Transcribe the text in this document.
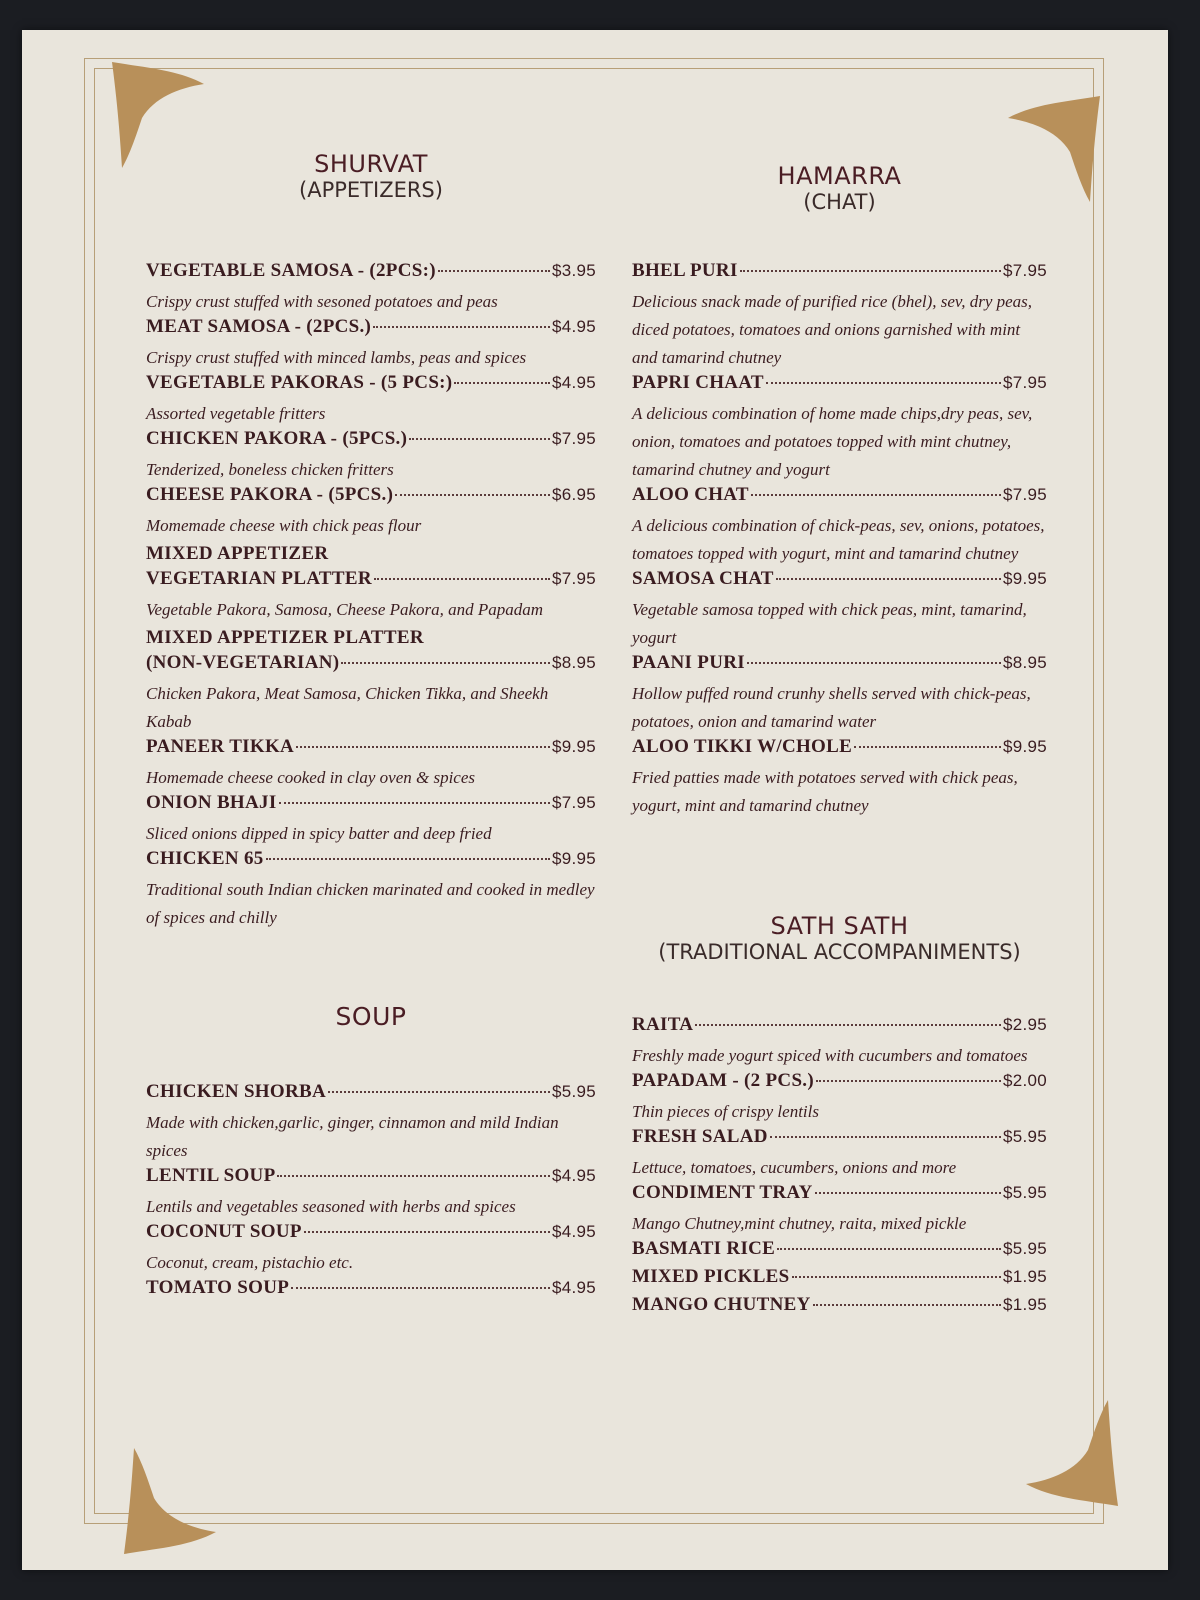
SHURVAT
(APPETIZERS)
VEGETABLE SAMOSA - (2PCS:)	$3.95
Crispy crust stuffed with sesoned potatoes and peas
MEAT SAMOSA - (2PCS.)	$4.95
Crispy crust stuffed with minced lambs, peas and spices
VEGETABLE PAKORAS - (5 PCS:)	$4.95
Assorted vegetable fritters
CHICKEN PAKORA - (5PCS.)	$7.95
Tenderized, boneless chicken fritters
CHEESE PAKORA - (5PCS.)	$6.95
Momemade cheese with chick peas flour
MIXED APPETIZER
VEGETARIAN PLATTER	$7.95
Vegetable Pakora, Samosa, Cheese Pakora, and Papadam
MIXED APPETIZER PLATTER
(NON-VEGETARIAN)	$8.95
Chicken Pakora, Meat Samosa, Chicken Tikka, and Sheekh Kabab
PANEER TIKKA	$9.95
Homemade cheese cooked in clay oven & spices
ONION BHAJI	$7.95
Sliced onions dipped in spicy batter and deep fried
CHICKEN 65	$9.95
Traditional south Indian chicken marinated and cooked in medley of spices and chilly
SOUP
CHICKEN SHORBA	$5.95
Made with chicken,garlic, ginger, cinnamon and mild Indian spices
LENTIL SOUP	$4.95
Lentils and vegetables seasoned with herbs and spices
COCONUT SOUP	$4.95
Coconut, cream, pistachio etc.
TOMATO SOUP	$4.95
HAMARRA
(CHAT)
BHEL PURI	$7.95
Delicious snack made of purified rice (bhel), sev, dry peas, diced potatoes, tomatoes and onions garnished with mint and tamarind chutney
PAPRI CHAAT	$7.95
A delicious combination of home made chips,dry peas, sev, onion, tomatoes and potatoes topped with mint chutney, tamarind chutney and yogurt
ALOO CHAT	$7.95
A delicious combination of chick-peas, sev, onions, potatoes, tomatoes topped with yogurt, mint and tamarind chutney
SAMOSA CHAT	$9.95
Vegetable samosa topped with chick peas, mint, tamarind, yogurt
PAANI PURI	$8.95
Hollow puffed round crunhy shells served with chick-peas, potatoes, onion and tamarind water
ALOO TIKKI W/CHOLE	$9.95
Fried patties made with potatoes served with chick peas, yogurt, mint and tamarind chutney
SATH SATH
(TRADITIONAL ACCOMPANIMENTS)
RAITA	$2.95
Freshly made yogurt spiced with cucumbers and tomatoes
PAPADAM - (2 PCS.)	$2.00
Thin pieces of crispy lentils
FRESH SALAD	$5.95
Lettuce, tomatoes, cucumbers, onions and more
CONDIMENT TRAY	$5.95
Mango Chutney,mint chutney, raita, mixed pickle
BASMATI RICE	$5.95
MIXED PICKLES	$1.95
MANGO CHUTNEY	$1.95
